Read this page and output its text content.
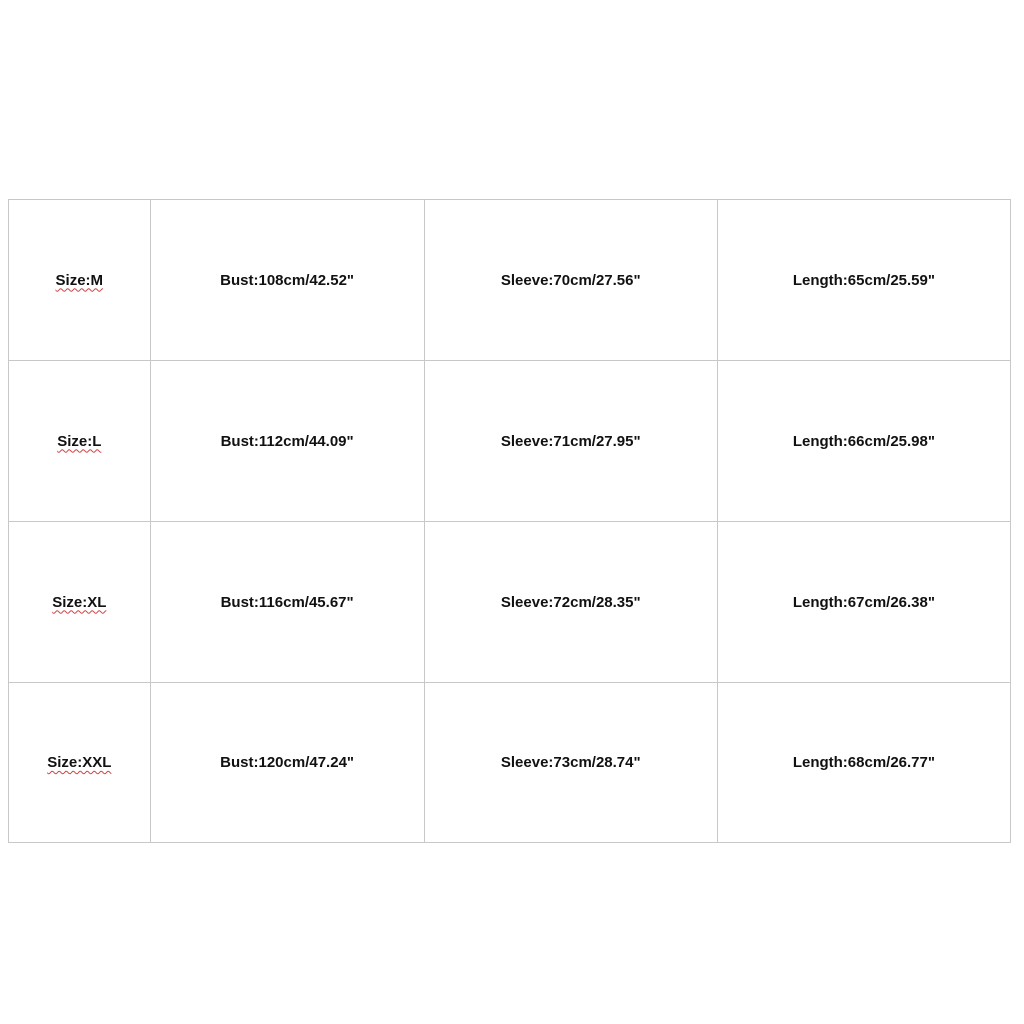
Size:M	Bust:108cm/42.52"	Sleeve:70cm/27.56"	Length:65cm/25.59"
Size:L	Bust:112cm/44.09"	Sleeve:71cm/27.95"	Length:66cm/25.98"
Size:XL	Bust:116cm/45.67"	Sleeve:72cm/28.35"	Length:67cm/26.38"
Size:XXL	Bust:120cm/47.24"	Sleeve:73cm/28.74"	Length:68cm/26.77"
